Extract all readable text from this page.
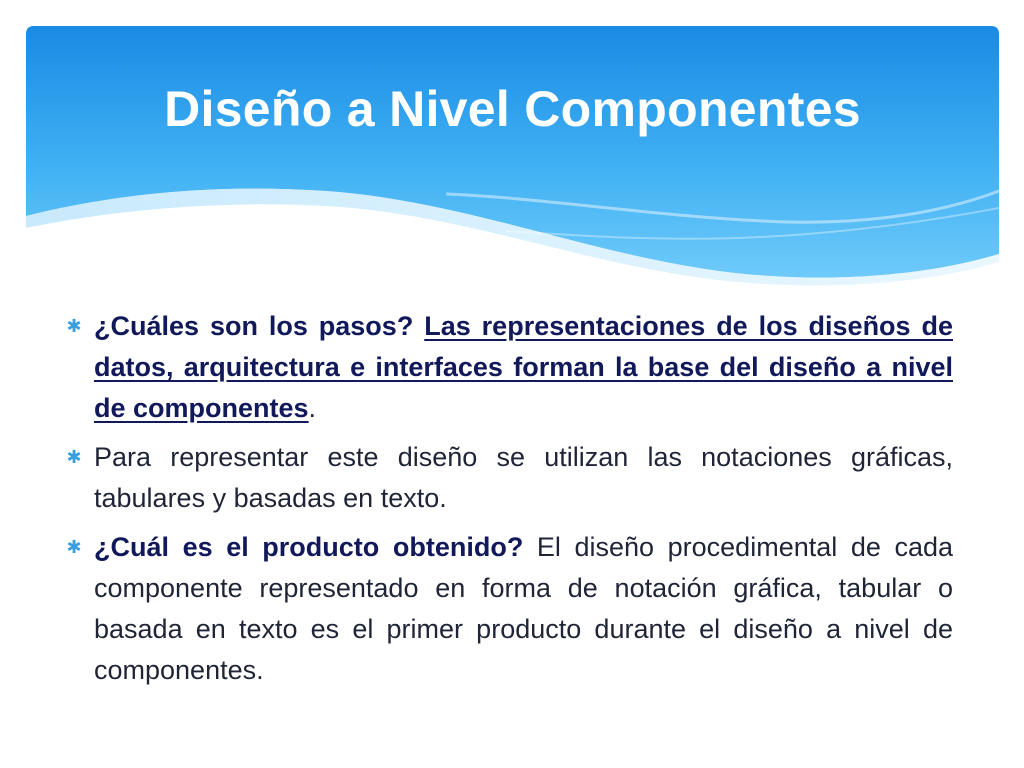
Diseño a Nivel Componentes
✱ ¿Cuáles son los pasos? Las representaciones de los diseños de datos, arquitectura e interfaces forman la base del diseño a nivel de componentes.
✱ Para representar este diseño se utilizan las notaciones gráficas, tabulares y basadas en texto.
✱ ¿Cuál es el producto obtenido? El diseño procedimental de cada componente representado en forma de notación gráfica, tabular o basada en texto es el primer producto durante el diseño a nivel de componentes.
